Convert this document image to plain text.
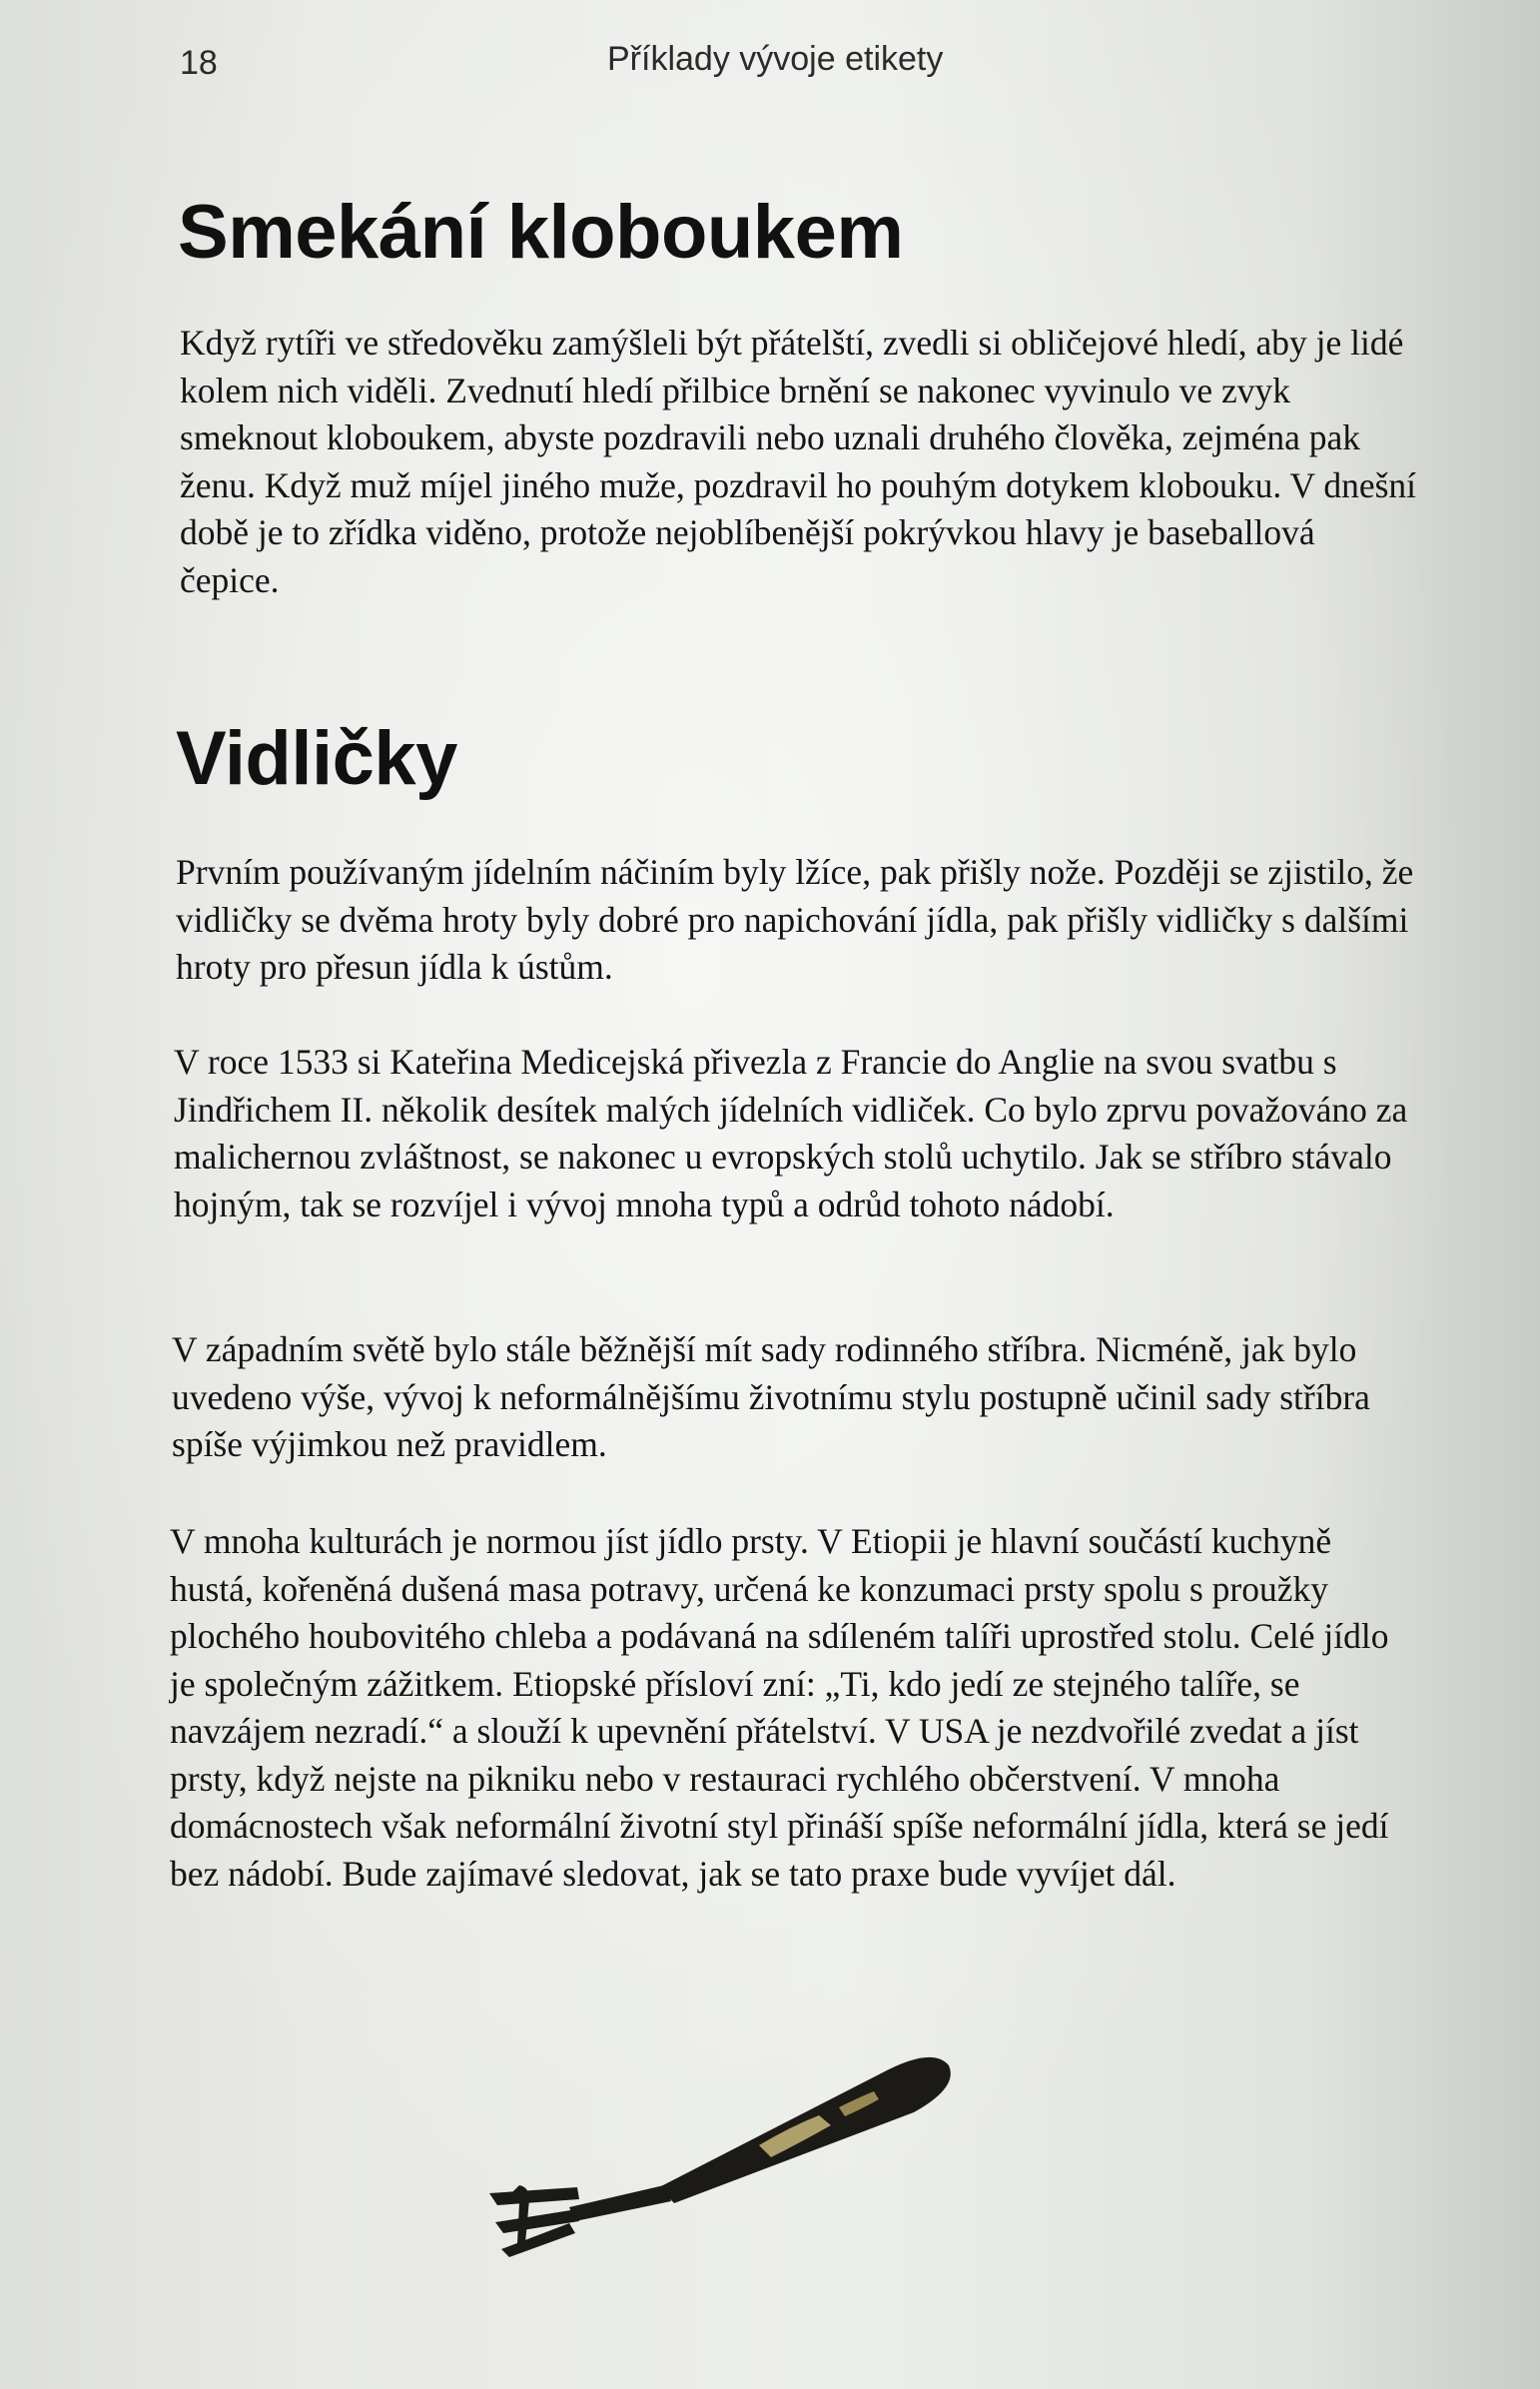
18	Příklady vývoje etikety
Smekání kloboukem

Když rytíři ve středověku zamýšleli být přátelští, zvedli si obličejové hledí, aby je lidé kolem nich viděli. Zvednutí hledí přilbice brnění se nakonec vyvinulo ve zvyk smeknout kloboukem, abyste pozdravili nebo uznali druhého člověka, zejména pak ženu. Když muž míjel jiného muže, pozdravil ho pouhým dotykem klobouku. V dnešní době je to zřídka viděno, protože nejoblíbenější pokrývkou hlavy je baseballová čepice.

Vidličky

Prvním používaným jídelním náčiním byly lžíce, pak přišly nože. Později se zjistilo, že vidličky se dvěma hroty byly dobré pro napichování jídla, pak přišly vidličky s dalšími hroty pro přesun jídla k ústům.

V roce 1533 si Kateřina Medicejská přivezla z Francie do Anglie na svou svatbu s Jindřichem II. několik desítek malých jídelních vidliček. Co bylo zprvu považováno za malichernou zvláštnost, se nakonec u evropských stolů uchytilo. Jak se stříbro stávalo hojným, tak se rozvíjel i vývoj mnoha typů a odrůd tohoto nádobí.

V západním světě bylo stále běžnější mít sady rodinného stříbra. Nicméně, jak bylo uvedeno výše, vývoj k neformálnějšímu životnímu stylu postupně učinil sady stříbra spíše výjimkou než pravidlem.

V mnoha kulturách je normou jíst jídlo prsty. V Etiopii je hlavní součástí kuchyně hustá, kořeněná dušená masa potravy, určená ke konzumaci prsty spolu s proužky plochého houbovitého chleba a podávaná na sdíleném talíři uprostřed stolu. Celé jídlo je společným zážitkem. Etiopské přísloví zní: „Ti, kdo jedí ze stejného talíře, se navzájem nezradí.“ a slouží k upevnění přátelství. V USA je nezdvořilé zvedat a jíst prsty, když nejste na pikniku nebo v restauraci rychlého občerstvení. V mnoha domácnostech však neformální životní styl přináší spíše neformální jídla, která se jedí bez nádobí. Bude zajímavé sledovat, jak se tato praxe bude vyvíjet dál.
